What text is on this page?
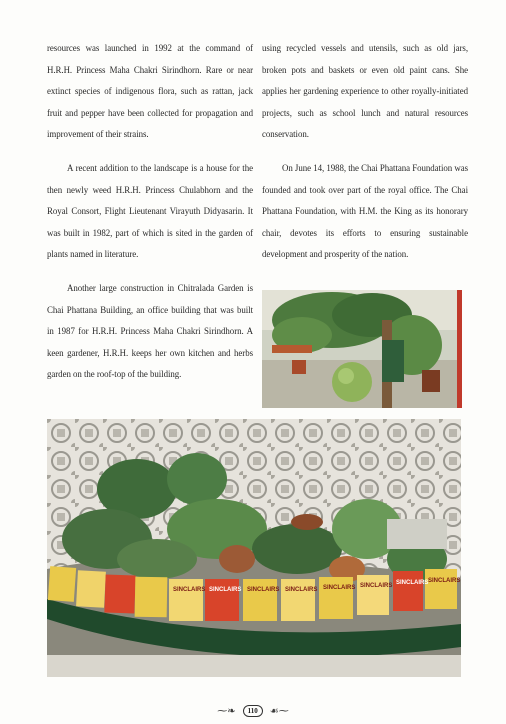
resources was launched in 1992 at the command of H.R.H. Princess Maha Chakri Sirindhorn. Rare or near extinct species of indigenous flora, such as rattan, jack fruit and pepper have been collected for propagation and improvement of their strains.

A recent addition to the landscape is a house for the then newly weed H.R.H. Princess Chulabhorn and the Royal Consort, Flight Lieutenant Virayuth Didyasarin. It was built in 1982, part of which is sited in the garden of plants named in literature.

Another large construction in Chitralada Garden is Chai Phattana Building, an office building that was built in 1987 for H.R.H. Princess Maha Chakri Sirindhorn. A keen gardener, H.R.H. keeps her own kitchen and herbs garden on the roof-top of the building.

using recycled vessels and utensils, such as old jars, broken pots and baskets or even old paint cans. She applies her gardening experience to other royally-initiated projects, such as school lunch and natural resources conservation.

On June 14, 1988, the Chai Phattana Foundation was founded and took over part of the royal office. The Chai Phattana Foundation, with H.M. the King as its honorary chair, devotes its efforts to ensuring sustainable development and prosperity of the nation.

SINCLAIRS SINCLAIRS SINCLAIRS SINCLAIRS SINCLAIRS SINCLAIRS SINCLAIRS SINCLAIRS
⁓❧ 110 ☙⁓
